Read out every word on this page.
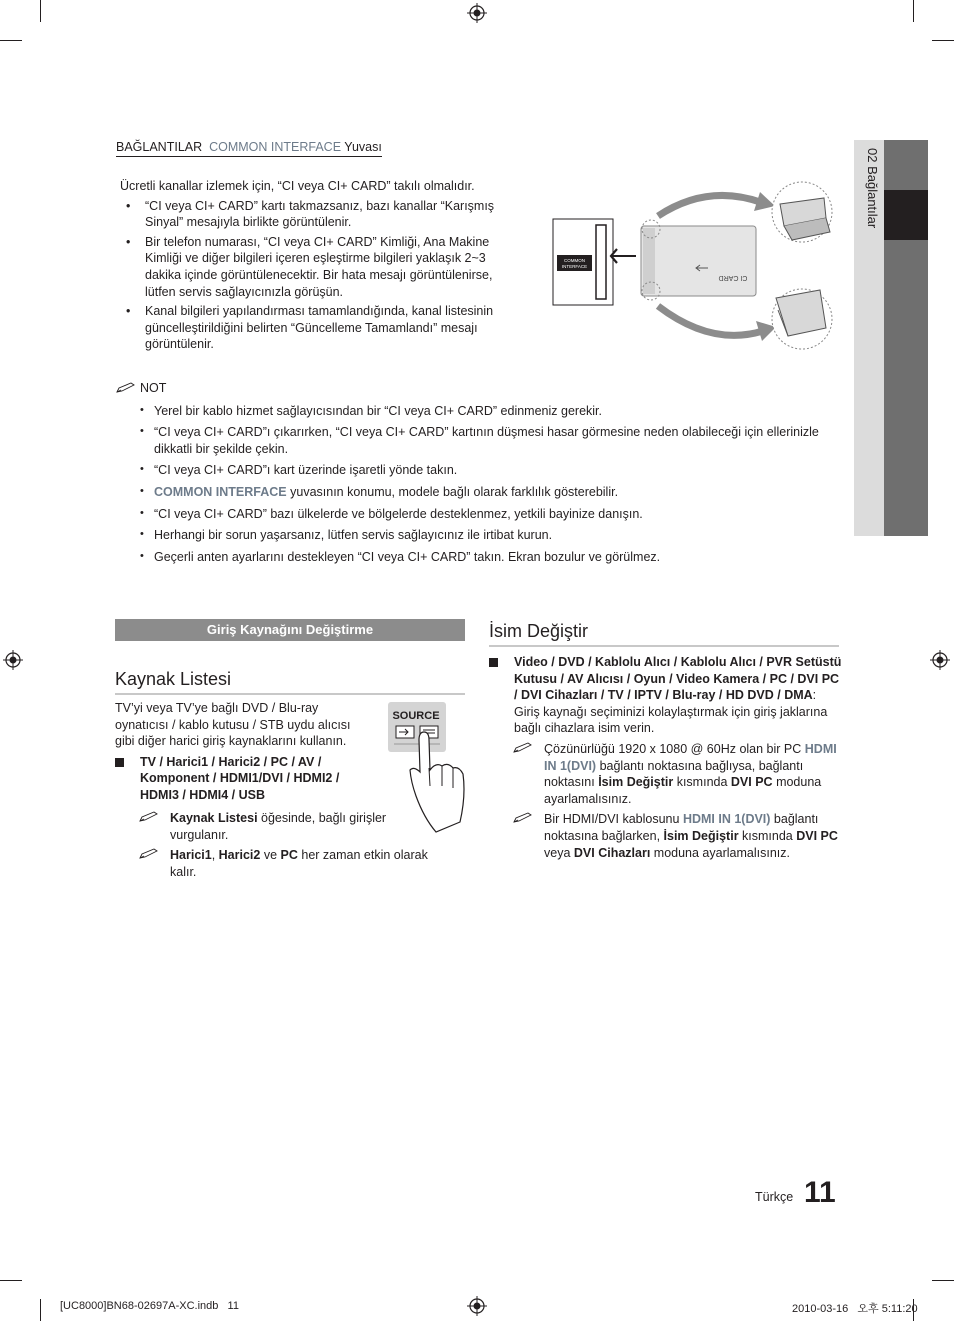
BAĞLANTILAR COMMON INTERFACE Yuvası
02 Bağlantılar

Ücretli kanallar izlemek için, “CI veya CI+ CARD” takılı olmalıdır.

• “CI veya CI+ CARD” kartı takmazsanız, bazı kanallar “Karışmış Sinyal” mesajıyla birlikte görüntülenir.
• Bir telefon numarası, “CI veya CI+ CARD” Kimliği, Ana Makine Kimliği ve diğer bilgileri içeren eşleştirme bilgileri yaklaşık 2~3 dakika içinde görüntülenecektir. Bir hata mesajı görüntülenirse, lütfen servis sağlayıcınızla görüşün.
• Kanal bilgileri yapılandırması tamamlandığında, kanal listesinin güncelleştirildiğini belirten “Güncelleme Tamamlandı” mesajı görüntülenir.
COMMON
INTERFACE
CI CARD
NOT
• Yerel bir kablo hizmet sağlayıcısından bir “CI veya CI+ CARD” edinmeniz gerekir.
• “CI veya CI+ CARD”ı çıkarırken, “CI veya CI+ CARD” kartının düşmesi hasar görmesine neden olabileceği için ellerinizle dikkatli bir şekilde çekin.
• “CI veya CI+ CARD”ı kart üzerinde işaretli yönde takın.
• COMMON INTERFACE yuvasının konumu, modele bağlı olarak farklılık gösterebilir.
• “CI veya CI+ CARD” bazı ülkelerde ve bölgelerde desteklenmez, yetkili bayinize danışın.
• Herhangi bir sorun yaşarsanız, lütfen servis sağlayıcınız ile irtibat kurun.
• Geçerli anten ayarlarını destekleyen “CI veya CI+ CARD” takın. Ekran bozulur ve görülmez.
Giriş Kaynağını Değiştirme
Kaynak Listesi

TV’yi veya TV’ye bağlı DVD / Blu-ray oynatıcısı / kablo kutusu / STB uydu alıcısı gibi diğer harici giriş kaynaklarını kullanın.

TV / Harici1 / Harici2 / PC / AV / Komponent / HDMI1/DVI / HDMI2 / HDMI3 / HDMI4 / USB
Kaynak Listesi öğesinde, bağlı girişler vurgulanır.
Harici1, Harici2 ve PC her zaman etkin olarak kalır.
SOURCE
İsim Değiştir
Video / DVD / Kablolu Alıcı / Kablolu Alıcı / PVR Setüstü Kutusu / AV Alıcısı / Oyun / Video Kamera / PC / DVI PC / DVI Cihazları / TV / IPTV / Blu-ray / HD DVD / DMA: Giriş kaynağı seçiminizi kolaylaştırmak için giriş jaklarına bağlı cihazlara isim verin.
Çözünürlüğü 1920 x 1080 @ 60Hz olan bir PC HDMI IN 1(DVI) bağlantı noktasına bağlıysa, bağlantı noktasını İsim Değiştir kısmında DVI PC moduna ayarlamalısınız.
Bir HDMI/DVI kablosunu HDMI IN 1(DVI) bağlantı noktasına bağlarken, İsim Değiştir kısmında DVI PC veya DVI Cihazları moduna ayarlamalısınız.
Türkçe 11
[UC8000]BN68-02697A-XC.indb   11	2010-03-16   오후 5:11:20
